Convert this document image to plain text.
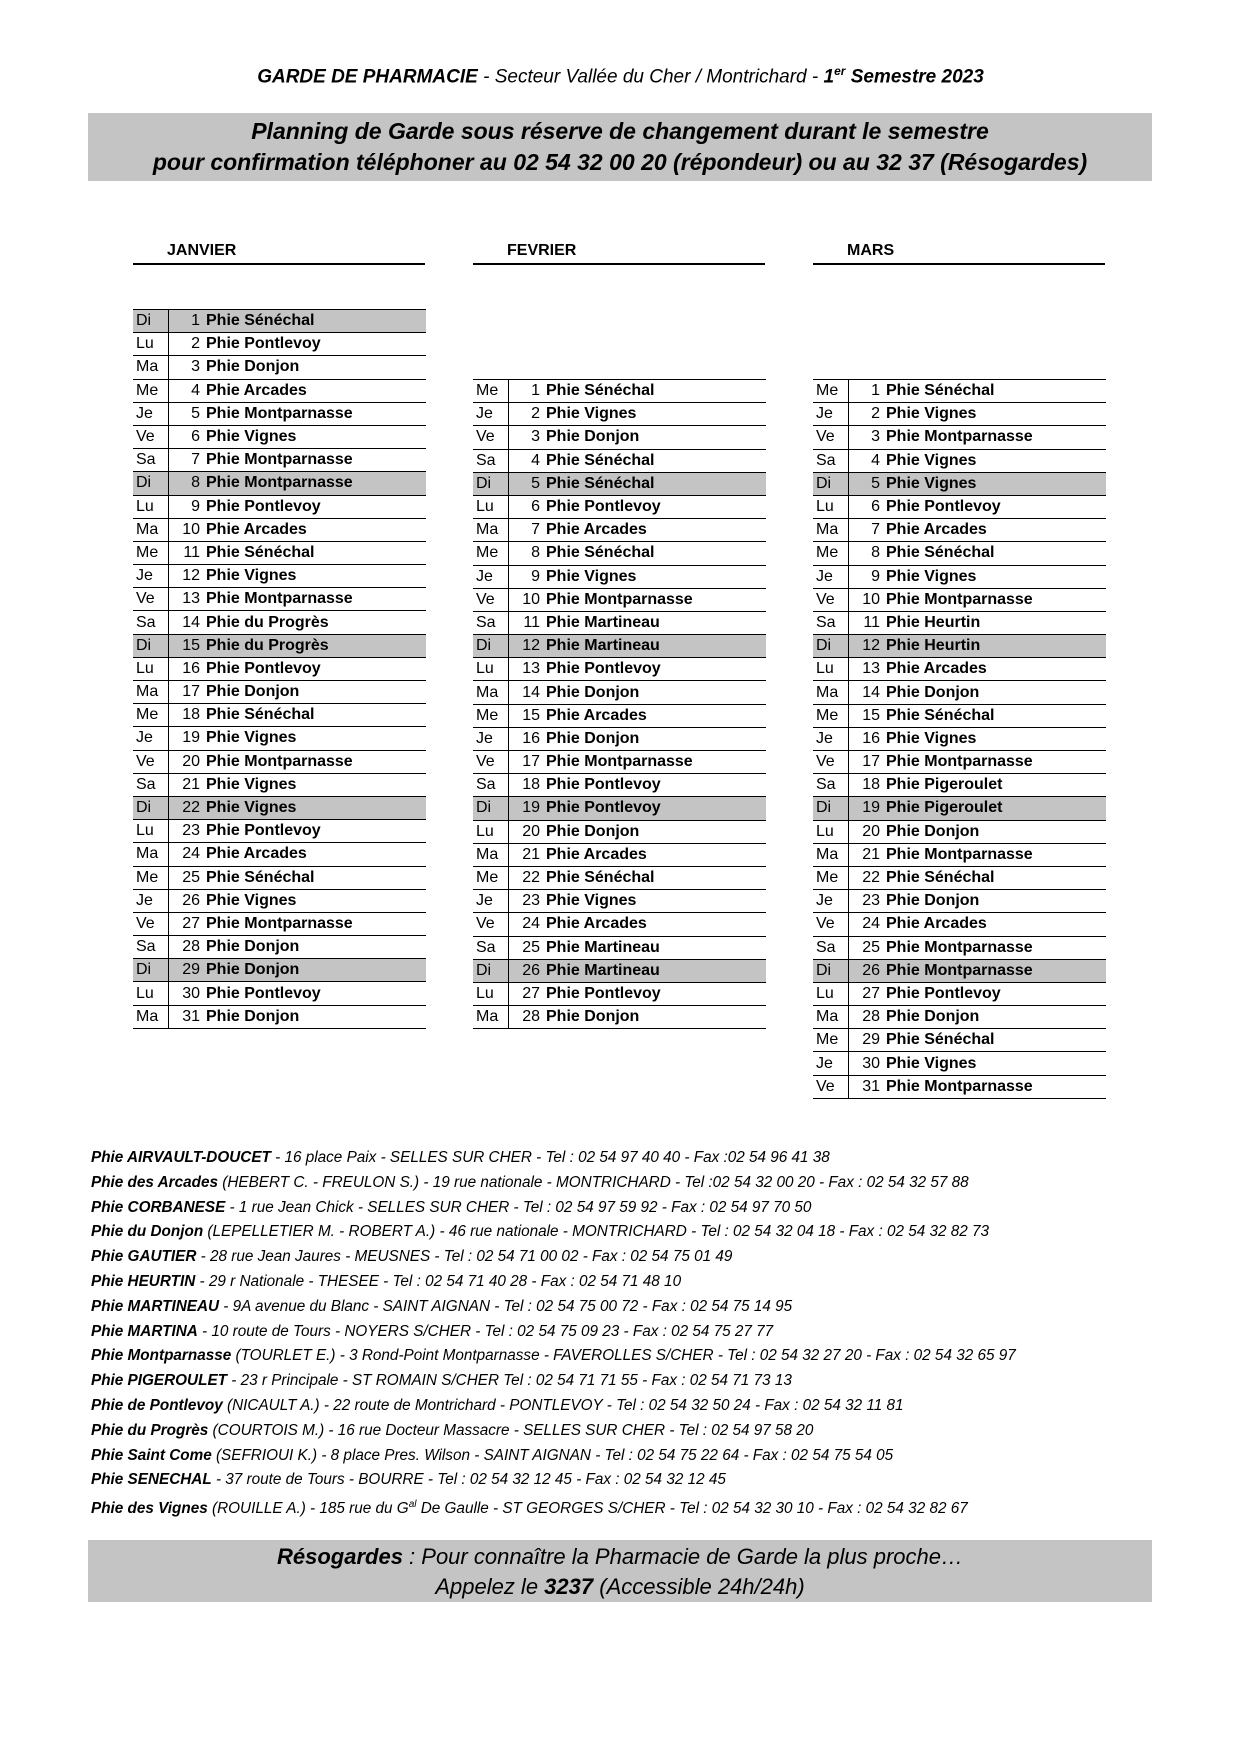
GARDE DE PHARMACIE - Secteur Vallée du Cher / Montrichard - 1er Semestre 2023
Planning de Garde sous réserve de changement durant le semestre
pour confirmation téléphoner au 02 54 32 00 20 (répondeur) ou au 32 37 (Résogardes)
JANVIER	FEVRIER	MARS
Di	1	Phie Sénéchal
Lu	2	Phie Pontlevoy
Ma	3	Phie Donjon
Me	4	Phie Arcades
Je	5	Phie Montparnasse
Ve	6	Phie Vignes
Sa	7	Phie Montparnasse
Di	8	Phie Montparnasse
Lu	9	Phie Pontlevoy
Ma	10	Phie Arcades
Me	11	Phie Sénéchal
Je	12	Phie Vignes
Ve	13	Phie Montparnasse
Sa	14	Phie du Progrès
Di	15	Phie du Progrès
Lu	16	Phie Pontlevoy
Ma	17	Phie Donjon
Me	18	Phie Sénéchal
Je	19	Phie Vignes
Ve	20	Phie Montparnasse
Sa	21	Phie Vignes
Di	22	Phie Vignes
Lu	23	Phie Pontlevoy
Ma	24	Phie Arcades
Me	25	Phie Sénéchal
Je	26	Phie Vignes
Ve	27	Phie Montparnasse
Sa	28	Phie Donjon
Di	29	Phie Donjon
Lu	30	Phie Pontlevoy
Ma	31	Phie Donjon
Me	1	Phie Sénéchal
Je	2	Phie Vignes
Ve	3	Phie Donjon
Sa	4	Phie Sénéchal
Di	5	Phie Sénéchal
Lu	6	Phie Pontlevoy
Ma	7	Phie Arcades
Me	8	Phie Sénéchal
Je	9	Phie Vignes
Ve	10	Phie Montparnasse
Sa	11	Phie Martineau
Di	12	Phie Martineau
Lu	13	Phie Pontlevoy
Ma	14	Phie Donjon
Me	15	Phie Arcades
Je	16	Phie Donjon
Ve	17	Phie Montparnasse
Sa	18	Phie Pontlevoy
Di	19	Phie Pontlevoy
Lu	20	Phie Donjon
Ma	21	Phie Arcades
Me	22	Phie Sénéchal
Je	23	Phie Vignes
Ve	24	Phie Arcades
Sa	25	Phie Martineau
Di	26	Phie Martineau
Lu	27	Phie Pontlevoy
Ma	28	Phie Donjon
Me	1	Phie Sénéchal
Je	2	Phie Vignes
Ve	3	Phie Montparnasse
Sa	4	Phie Vignes
Di	5	Phie Vignes
Lu	6	Phie Pontlevoy
Ma	7	Phie Arcades
Me	8	Phie Sénéchal
Je	9	Phie Vignes
Ve	10	Phie Montparnasse
Sa	11	Phie Heurtin
Di	12	Phie Heurtin
Lu	13	Phie Arcades
Ma	14	Phie Donjon
Me	15	Phie Sénéchal
Je	16	Phie Vignes
Ve	17	Phie Montparnasse
Sa	18	Phie Pigeroulet
Di	19	Phie Pigeroulet
Lu	20	Phie Donjon
Ma	21	Phie Montparnasse
Me	22	Phie Sénéchal
Je	23	Phie Donjon
Ve	24	Phie Arcades
Sa	25	Phie Montparnasse
Di	26	Phie Montparnasse
Lu	27	Phie Pontlevoy
Ma	28	Phie Donjon
Me	29	Phie Sénéchal
Je	30	Phie Vignes
Ve	31	Phie Montparnasse
Phie AIRVAULT-DOUCET - 16 place Paix - SELLES SUR CHER - Tel : 02 54 97 40 40 - Fax :02 54 96 41 38
Phie des Arcades (HEBERT C. - FREULON S.) - 19 rue nationale - MONTRICHARD - Tel :02 54 32 00 20 - Fax : 02 54 32 57 88
Phie CORBANESE - 1 rue Jean Chick - SELLES SUR CHER - Tel : 02 54 97 59 92 - Fax : 02 54 97 70 50
Phie du Donjon (LEPELLETIER M. - ROBERT A.) - 46 rue nationale - MONTRICHARD - Tel : 02 54 32 04 18 - Fax : 02 54 32 82 73
Phie GAUTIER - 28 rue Jean Jaures - MEUSNES - Tel : 02 54 71 00 02 - Fax : 02 54 75 01 49
Phie HEURTIN - 29 r Nationale - THESEE - Tel : 02 54 71 40 28 - Fax : 02 54 71 48 10
Phie MARTINEAU - 9A avenue du Blanc - SAINT AIGNAN - Tel : 02 54 75 00 72 - Fax : 02 54 75 14 95
Phie MARTINA - 10 route de Tours - NOYERS S/CHER - Tel : 02 54 75 09 23 - Fax : 02 54 75 27 77
Phie Montparnasse (TOURLET E.) - 3 Rond-Point Montparnasse - FAVEROLLES S/CHER - Tel : 02 54 32 27 20 - Fax : 02 54 32 65 97
Phie PIGEROULET - 23 r Principale - ST ROMAIN S/CHER Tel : 02 54 71 71 55 - Fax : 02 54 71 73 13
Phie de Pontlevoy (NICAULT A.) - 22 route de Montrichard - PONTLEVOY - Tel : 02 54 32 50 24 - Fax : 02 54 32 11 81
Phie du Progrès (COURTOIS M.) - 16 rue Docteur Massacre - SELLES SUR CHER - Tel : 02 54 97 58 20
Phie Saint Come (SEFRIOUI K.) - 8 place Pres. Wilson - SAINT AIGNAN - Tel : 02 54 75 22 64 - Fax : 02 54 75 54 05
Phie SENECHAL - 37 route de Tours - BOURRE - Tel : 02 54 32 12 45 - Fax : 02 54 32 12 45
Phie des Vignes (ROUILLE A.) - 185 rue du $G^{al}$ De Gaulle - ST GEORGES S/CHER - Tel : 02 54 32 30 10 - Fax : 02 54 32 82 67
Résogardes : Pour connaître la Pharmacie de Garde la plus proche…
Appelez le 3237 (Accessible 24h/24h)
